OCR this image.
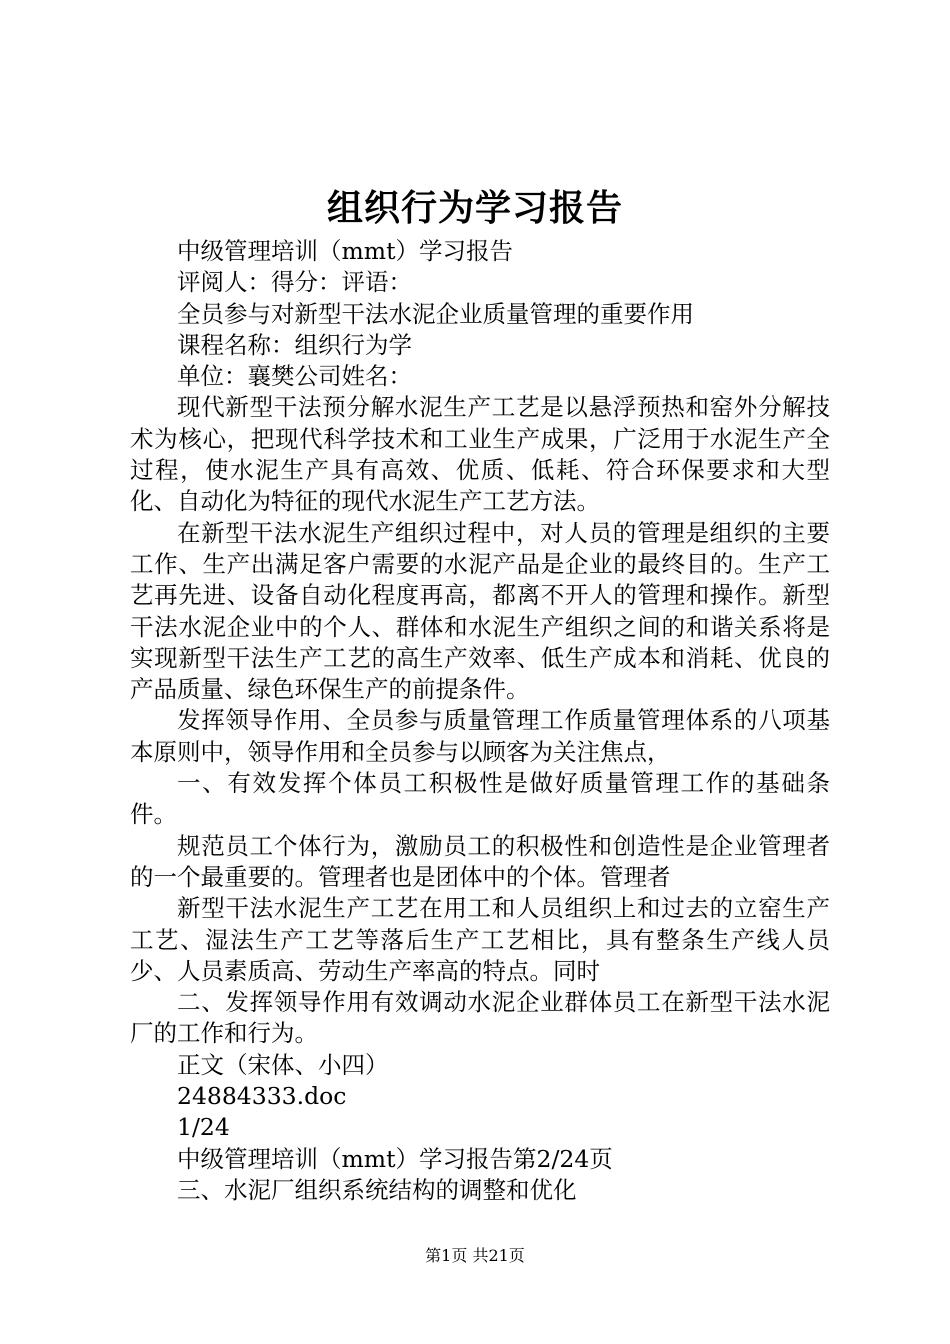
组织行为学习报告

中级管理培训（mmt）学习报告

评阅人：得分：评语：

全员参与对新型干法水泥企业质量管理的重要作用

课程名称：组织行为学

单位：襄樊公司姓名：

现代新型干法预分解水泥生产工艺是以悬浮预热和窑外分解技术为核心，把现代科学技术和工业生产成果，广泛用于水泥生产全过程，使水泥生产具有高效、优质、低耗、符合环保要求和大型化、自动化为特征的现代水泥生产工艺方法。

在新型干法水泥生产组织过程中，对人员的管理是组织的主要工作、生产出满足客户需要的水泥产品是企业的最终目的。生产工艺再先进、设备自动化程度再高，都离不开人的管理和操作。新型干法水泥企业中的个人、群体和水泥生产组织之间的和谐关系将是实现新型干法生产工艺的高生产效率、低生产成本和消耗、优良的产品质量、绿色环保生产的前提条件。

发挥领导作用、全员参与质量管理工作质量管理体系的八项基本原则中，领导作用和全员参与以顾客为关注焦点，

一、有效发挥个体员工积极性是做好质量管理工作的基础条件。

规范员工个体行为，激励员工的积极性和创造性是企业管理者的一个最重要的。管理者也是团体中的个体。管理者

新型干法水泥生产工艺在用工和人员组织上和过去的立窑生产工艺、湿法生产工艺等落后生产工艺相比，具有整条生产线人员少、人员素质高、劳动生产率高的特点。同时

二、发挥领导作用有效调动水泥企业群体员工在新型干法水泥厂的工作和行为。

正文（宋体、小四）

24884333.doc

1/24

中级管理培训（mmt）学习报告第2/24页

三、水泥厂组织系统结构的调整和优化

第1页 共21页
